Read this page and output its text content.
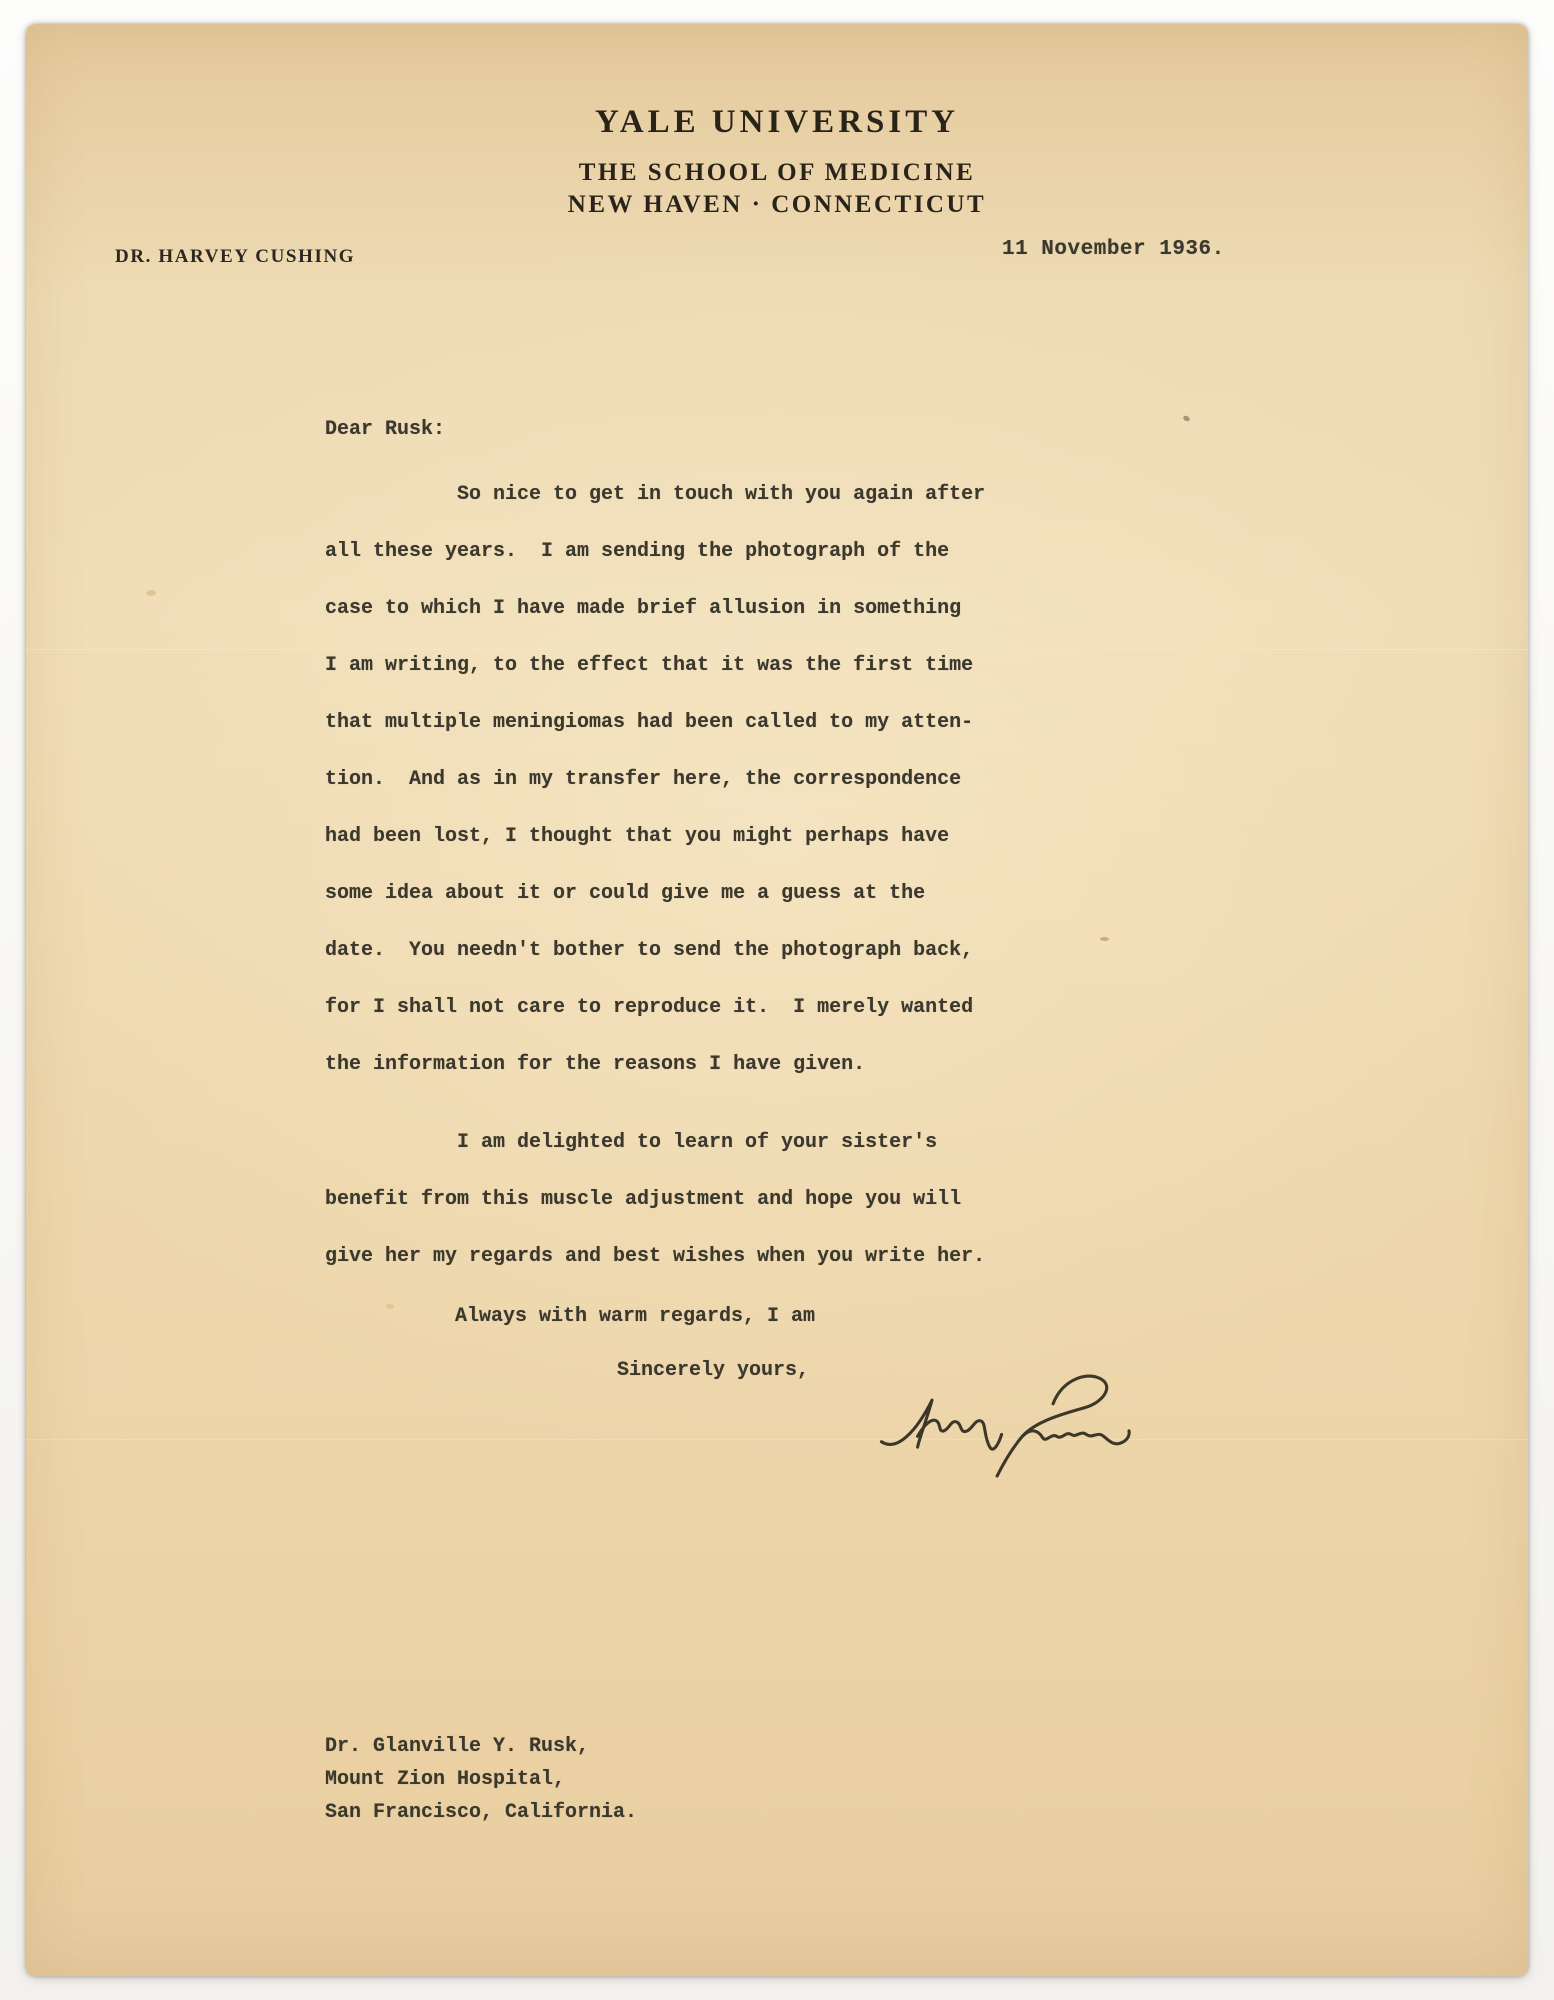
YALE UNIVERSITY
THE SCHOOL OF MEDICINE
NEW HAVEN · CONNECTICUT
DR. HARVEY CUSHING	11 November 1936.
Dear Rusk:
So nice to get in touch with you again after
all these years.  I am sending the photograph of the
case to which I have made brief allusion in something
I am writing, to the effect that it was the first time
that multiple meningiomas had been called to my atten-
tion.  And as in my transfer here, the correspondence
had been lost, I thought that you might perhaps have
some idea about it or could give me a guess at the
date.  You needn't bother to send the photograph back,
for I shall not care to reproduce it.  I merely wanted
the information for the reasons I have given.
I am delighted to learn of your sister's
benefit from this muscle adjustment and hope you will
give her my regards and best wishes when you write her.
Always with warm regards, I am
Sincerely yours,
Dr. Glanville Y. Rusk,
Mount Zion Hospital,
San Francisco, California.
